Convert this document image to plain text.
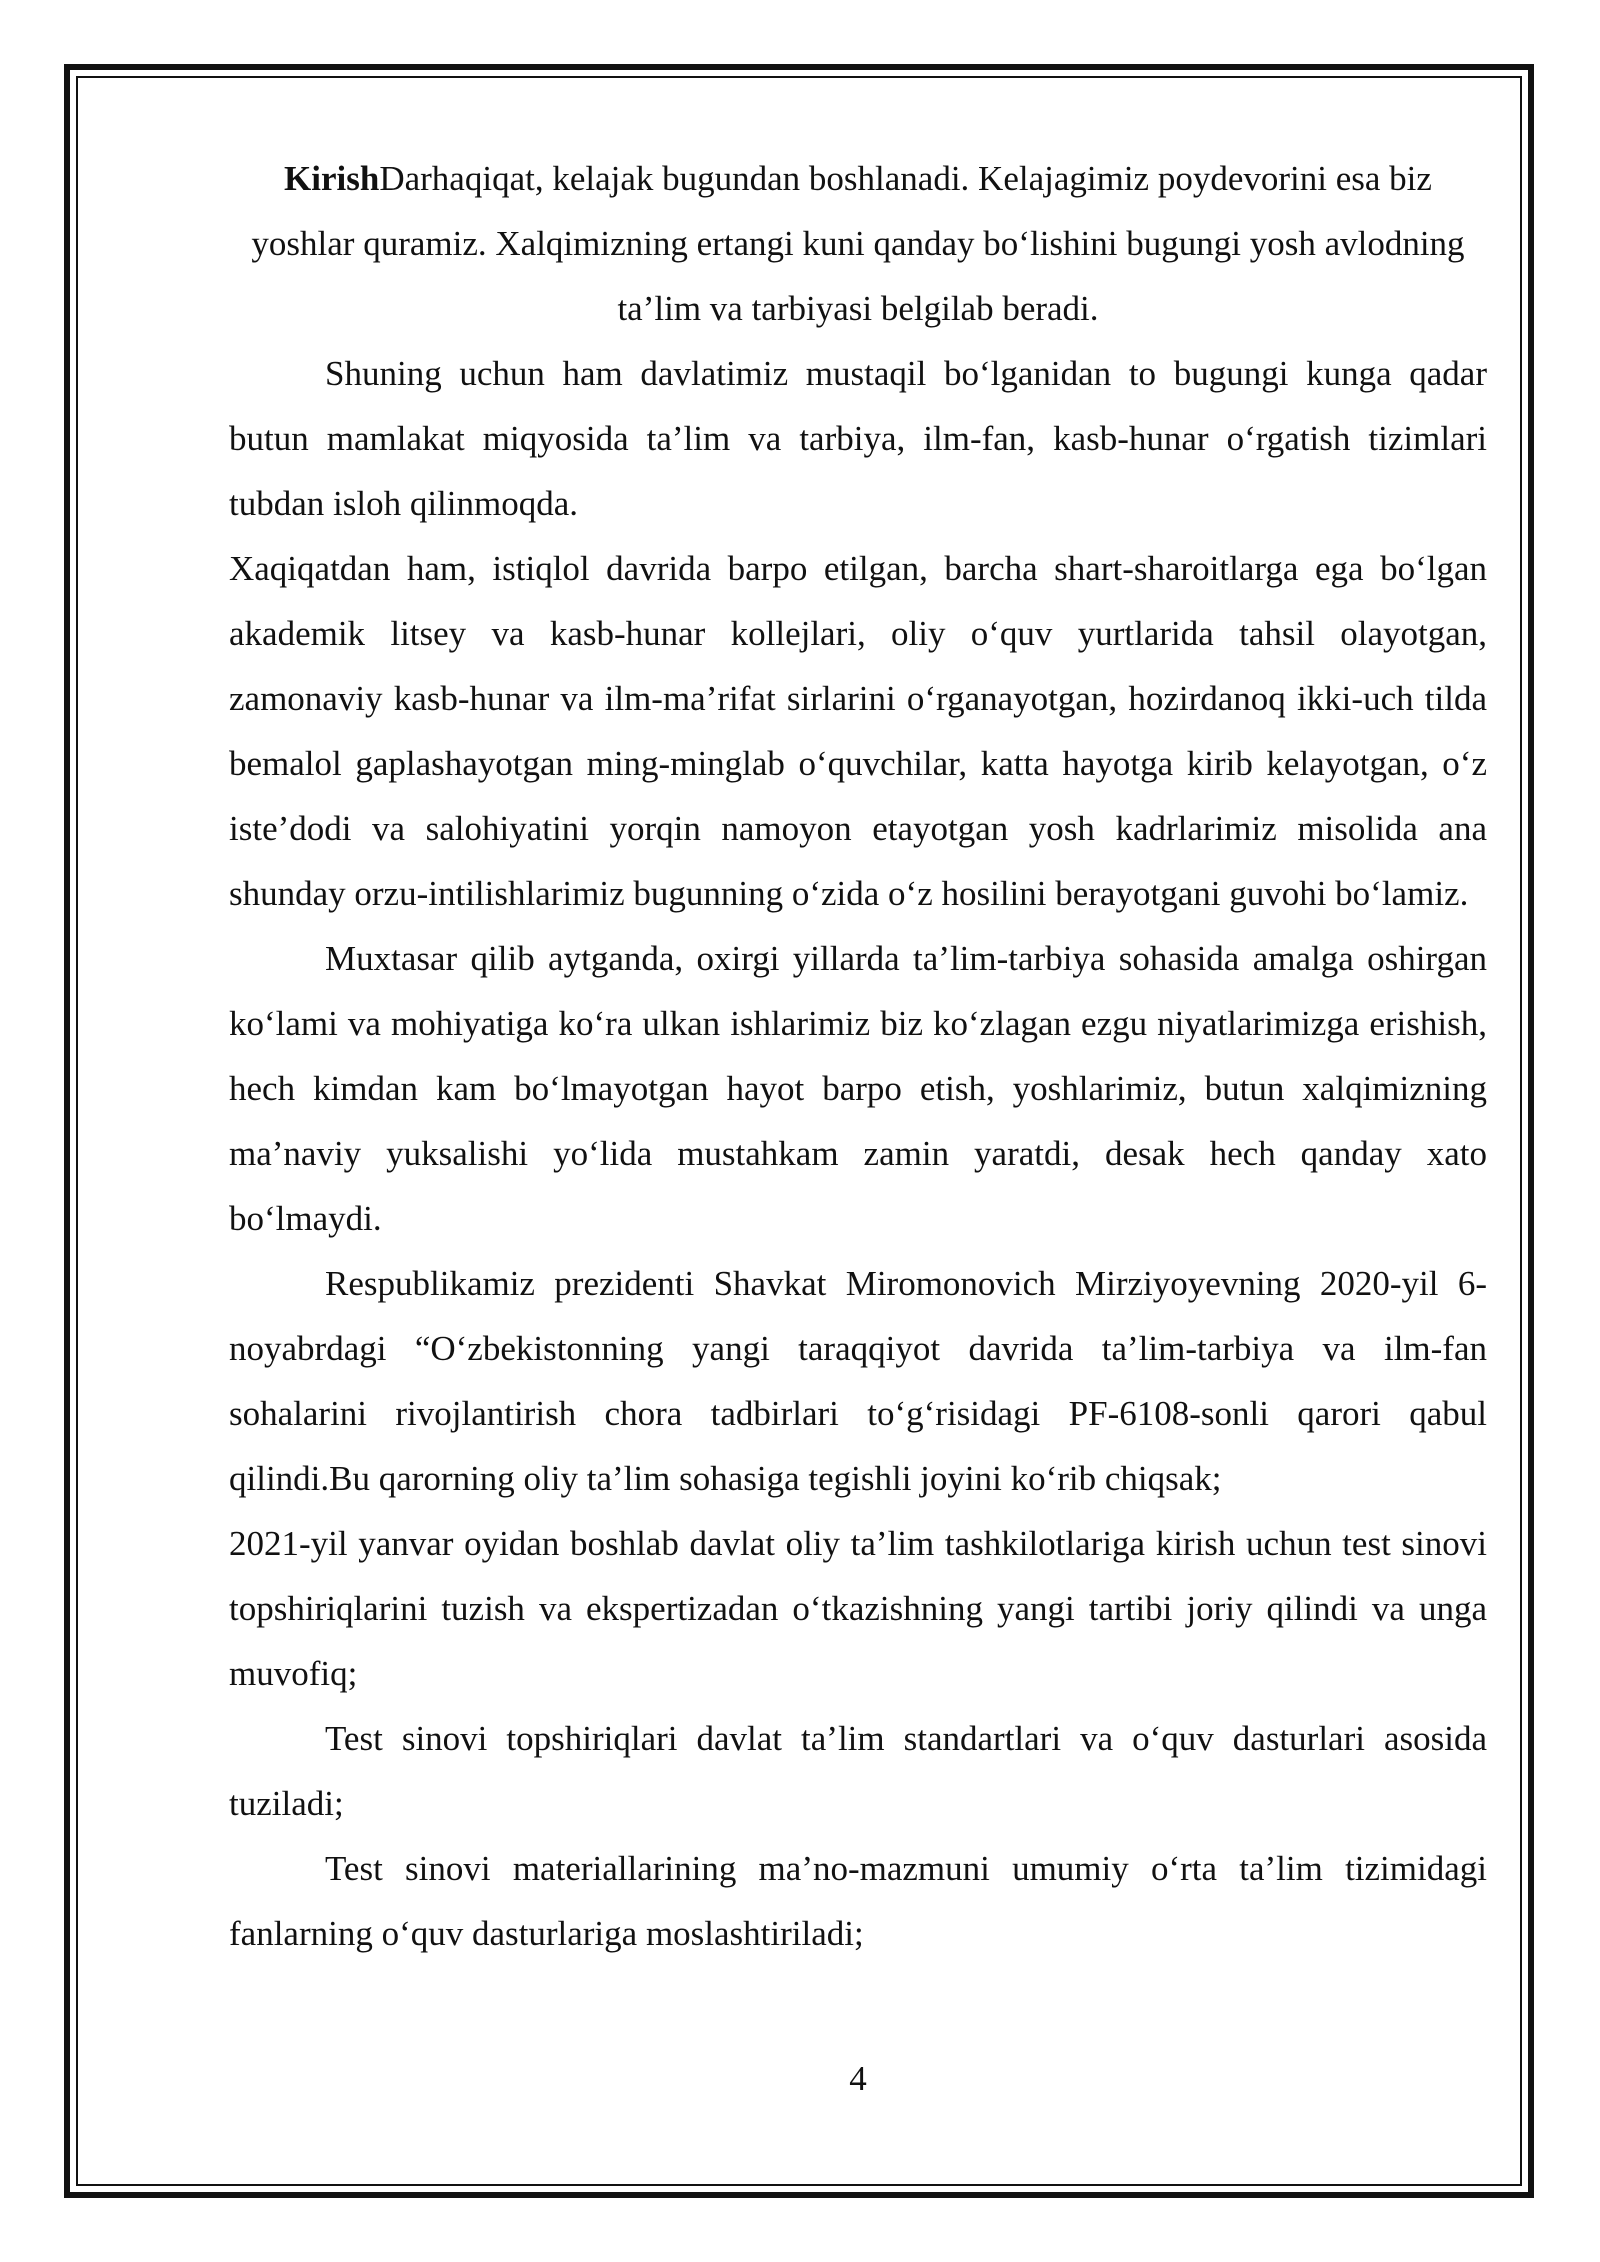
KirishDarhaqiqat, kelajak bugundan boshlanadi. Kelajagimiz poydevorini esa biz yoshlar quramiz. Xalqimizning ertangi kuni qanday bo‘lishini bugungi yosh avlodning ta’lim va tarbiyasi belgilab beradi.

Shuning uchun ham davlatimiz mustaqil bo‘lganidan to bugungi kunga qadar butun mamlakat miqyosida ta’lim va tarbiya, ilm-fan, kasb-hunar o‘rgatish tizimlari tubdan isloh qilinmoqda.

Xaqiqatdan ham, istiqlol davrida barpo etilgan, barcha shart-sharoitlarga ega bo‘lgan akademik litsey va kasb-hunar kollejlari, oliy o‘quv yurtlarida tahsil olayotgan, zamonaviy kasb-hunar va ilm-ma’rifat sirlarini o‘rganayotgan, hozirdanoq ikki-uch tilda bemalol gaplashayotgan ming-minglab o‘quvchilar, katta hayotga kirib kelayotgan, o‘z iste’dodi va salohiyatini yorqin namoyon etayotgan yosh kadrlarimiz misolida ana shunday orzu-intilishlarimiz bugunning o‘zida o‘z hosilini berayotgani guvohi bo‘lamiz.

Muxtasar qilib aytganda, oxirgi yillarda ta’lim-tarbiya sohasida amalga oshirgan ko‘lami va mohiyatiga ko‘ra ulkan ishlarimiz biz ko‘zlagan ezgu niyatlarimizga erishish, hech kimdan kam bo‘lmayotgan hayot barpo etish, yoshlarimiz, butun xalqimizning ma’naviy yuksalishi yo‘lida mustahkam zamin yaratdi, desak hech qanday xato bo‘lmaydi.

Respublikamiz prezidenti Shavkat Miromonovich Mirziyoyevning 2020-yil 6-noyabrdagi “O‘zbekistonning yangi taraqqiyot davrida ta’lim-tarbiya va ilm-fan sohalarini rivojlantirish chora tadbirlari to‘g‘risidagi PF-6108-sonli qarori qabul qilindi.Bu qarorning oliy ta’lim sohasiga tegishli joyini ko‘rib chiqsak;

2021-yil yanvar oyidan boshlab davlat oliy ta’lim tashkilotlariga kirish uchun test sinovi topshiriqlarini tuzish va ekspertizadan o‘tkazishning yangi tartibi joriy qilindi va unga muvofiq;

Test sinovi topshiriqlari davlat ta’lim standartlari va o‘quv dasturlari asosida tuziladi;

Test sinovi materiallarining ma’no-mazmuni umumiy o‘rta ta’lim tizimidagi fanlarning o‘quv dasturlariga moslashtiriladi;

4
